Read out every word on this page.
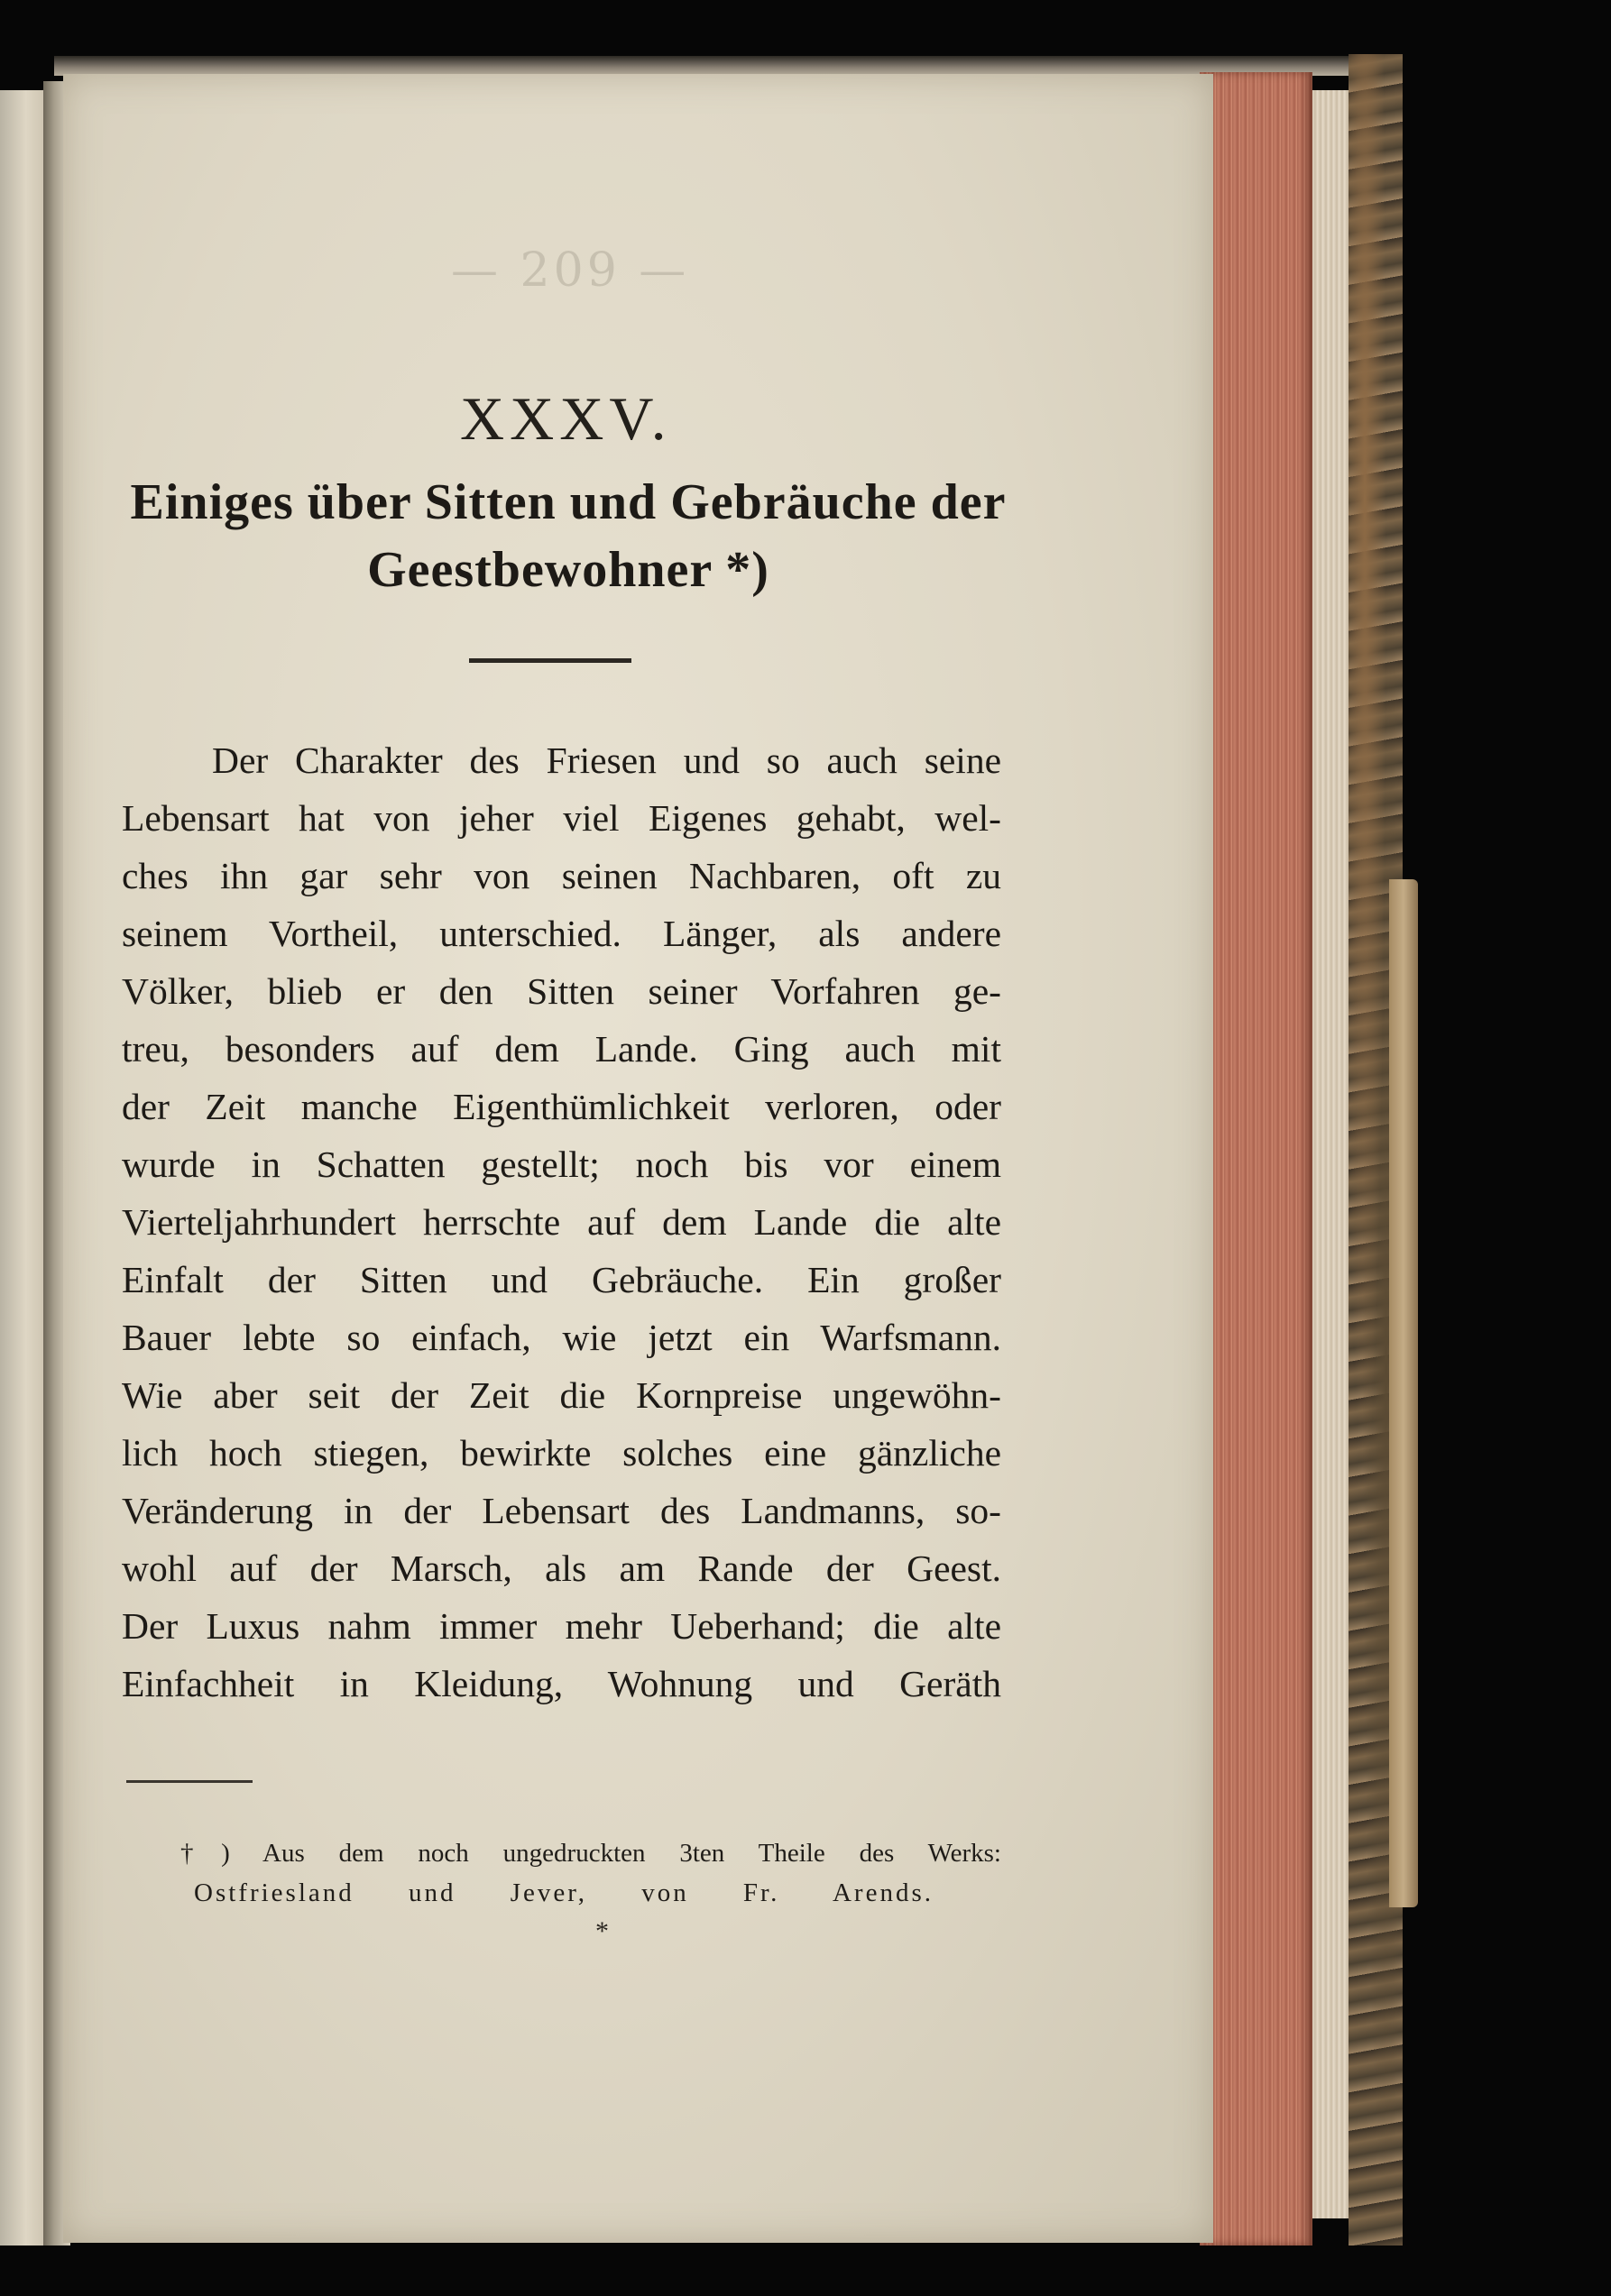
— 209 —
XXXV.
Einiges über Sitten und Gebräuche der
Geestbewohner *)
Der Charakter des Friesen und so auch seine
Lebensart hat von jeher viel Eigenes gehabt, wel-
ches ihn gar sehr von seinen Nachbaren, oft zu
seinem Vortheil, unterschied. Länger, als andere
Völker, blieb er den Sitten seiner Vorfahren ge-
treu, besonders auf dem Lande. Ging auch mit
der Zeit manche Eigenthümlichkeit verloren, oder
wurde in Schatten gestellt; noch bis vor einem
Vierteljahrhundert herrschte auf dem Lande die alte
Einfalt der Sitten und Gebräuche. Ein großer
Bauer lebte so einfach, wie jetzt ein Warfsmann.
Wie aber seit der Zeit die Kornpreise ungewöhn-
lich hoch stiegen, bewirkte solches eine gänzliche
Veränderung in der Lebensart des Landmanns, so-
wohl auf der Marsch, als am Rande der Geest.
Der Luxus nahm immer mehr Ueberhand; die alte
Einfachheit in Kleidung, Wohnung und Geräth
†) Aus dem noch ungedruckten 3ten Theile des Werks:
Ostfriesland und Jever, von Fr. Arends.
*
